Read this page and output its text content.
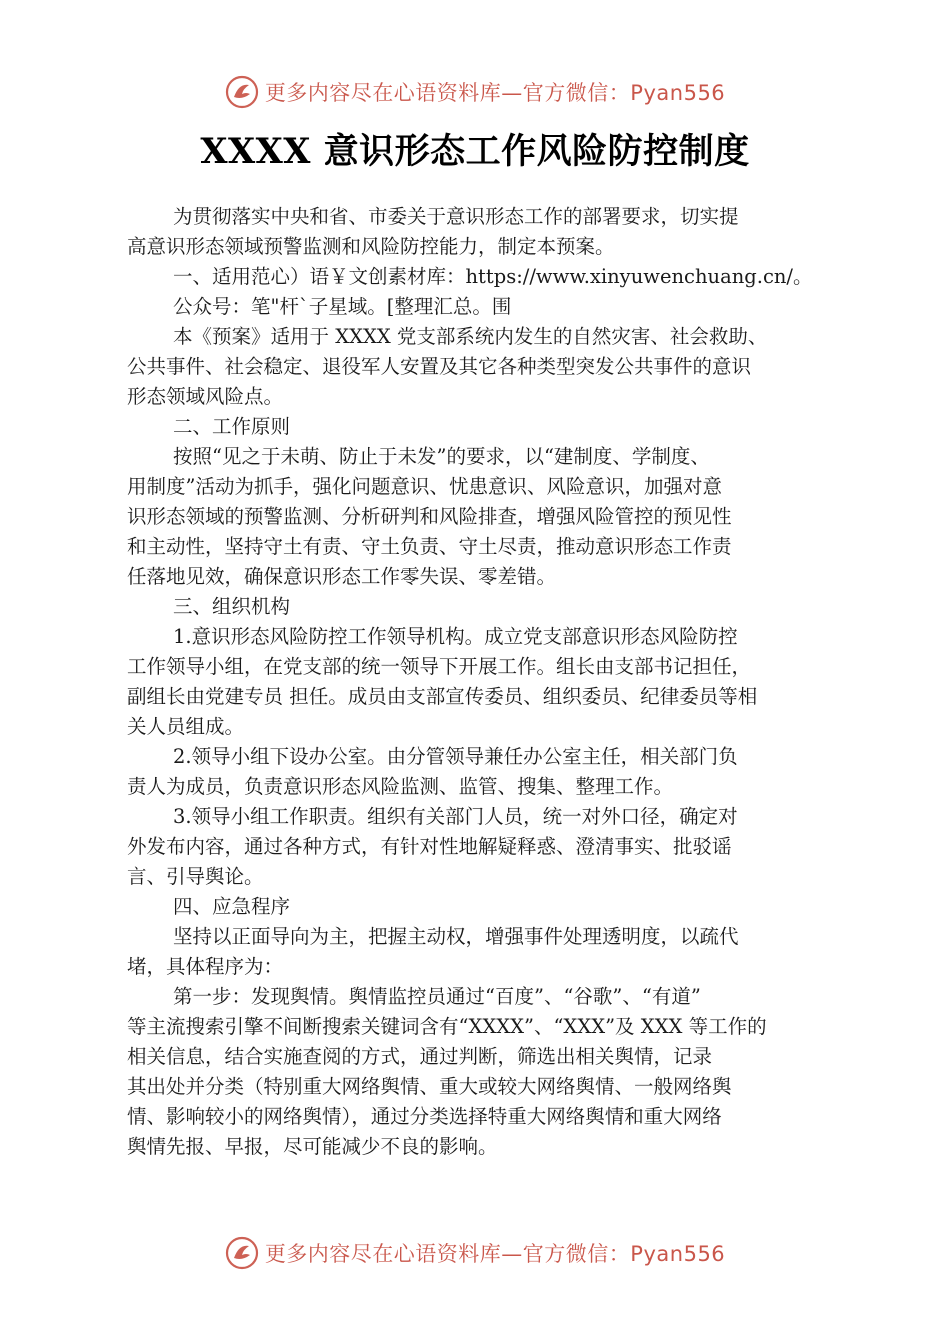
更多内容尽在心语资料库—官方微信：Pyan556
XXXX 意识形态工作风险防控制度
为贯彻落实中央和省、市委关于意识形态工作的部署要求，切实提
高意识形态领域预警监测和风险防控能力，制定本预案。
一、适用范心）语￥文创素材库：https://www.xinyuwenchuang.cn/。
公众号：笔"杆`子星域。[整理汇总。围
本《预案》适用于 XXXX 党支部系统内发生的自然灾害、社会救助、
公共事件、社会稳定、退役军人安置及其它各种类型突发公共事件的意识
形态领域风险点。
二、工作原则
按照“见之于未萌、防止于未发”的要求，以“建制度、学制度、
用制度”活动为抓手，强化问题意识、忧患意识、风险意识，加强对意
识形态领域的预警监测、分析研判和风险排查，增强风险管控的预见性
和主动性，坚持守土有责、守土负责、守土尽责，推动意识形态工作责
任落地见效，确保意识形态工作零失误、零差错。
三、组织机构
1.意识形态风险防控工作领导机构。成立党支部意识形态风险防控
工作领导小组，在党支部的统一领导下开展工作。组长由支部书记担任，
副组长由党建专员 担任。成员由支部宣传委员、组织委员、纪律委员等相
关人员组成。
2.领导小组下设办公室。由分管领导兼任办公室主任，相关部门负
责人为成员，负责意识形态风险监测、监管、搜集、整理工作。
3.领导小组工作职责。组织有关部门人员，统一对外口径，确定对
外发布内容，通过各种方式，有针对性地解疑释惑、澄清事实、批驳谣
言、引导舆论。
四、应急程序
坚持以正面导向为主，把握主动权，增强事件处理透明度，以疏代
堵，具体程序为：
第一步：发现舆情。舆情监控员通过“百度”、“谷歌”、“有道”
等主流搜索引擎不间断搜索关键词含有“XXXX”、“XXX”及 XXX 等工作的
相关信息，结合实施查阅的方式，通过判断，筛选出相关舆情，记录
其出处并分类（特别重大网络舆情、重大或较大网络舆情、一般网络舆
情、影响较小的网络舆情），通过分类选择特重大网络舆情和重大网络
舆情先报、早报，尽可能减少不良的影响。
更多内容尽在心语资料库—官方微信：Pyan556
